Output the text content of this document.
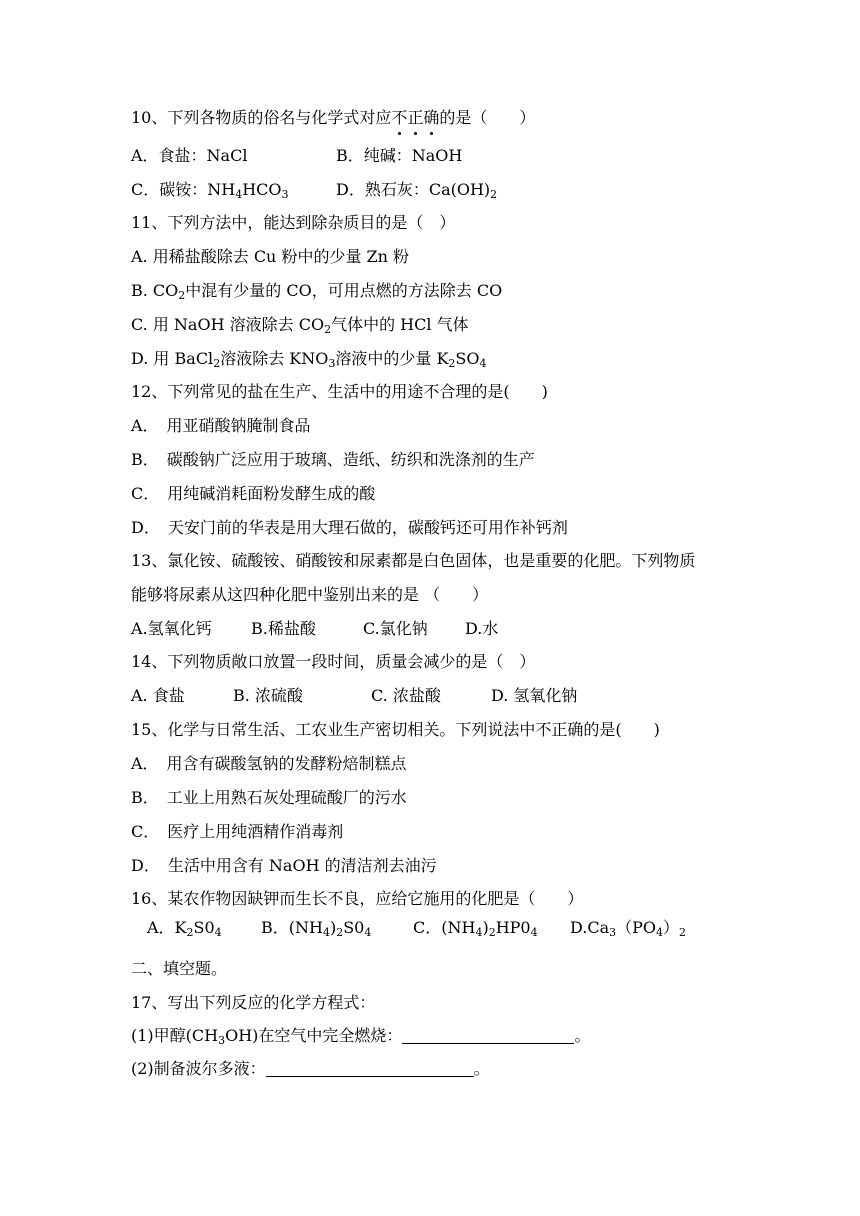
10、下列各物质的俗名与化学式对应不正确的是（　　）
A．食盐：NaCl	B．纯碱：NaOH
C．碳铵：$NH_4HCO_3$	D．熟石灰：$Ca(OH)_2$
11、下列方法中，能达到除杂质目的是（　）
A. 用稀盐酸除去 Cu 粉中的少量 Zn 粉
B. $CO_2$中混有少量的 CO，可用点燃的方法除去 CO
C. 用 NaOH 溶液除去 $CO_2$气体中的 HCl 气体
D. 用 BaCl$_2$溶液除去 $KNO_3$溶液中的少量 $K_2SO_4$
12、下列常见的盐在生产、生活中的用途不合理的是(　　)
A．　用亚硝酸钠腌制食品
B．　碳酸钠广泛应用于玻璃、造纸、纺织和洗涤剂的生产
C．　用纯碱消耗面粉发酵生成的酸
D．　天安门前的华表是用大理石做的，碳酸钙还可用作补钙剂
13、氯化铵、硫酸铵、硝酸铵和尿素都是白色固体，也是重要的化肥。下列物质
能够将尿素从这四种化肥中鉴别出来的是 （　　）
A.氢氧化钙 B.稀盐酸	C.氯化钠 D.水
14、下列物质敞口放置一段时间，质量会减少的是（　）
A. 食盐	B. 浓硫酸	C. 浓盐酸	D. 氢氧化钠
15、化学与日常生活、工农业生产密切相关。下列说法中不正确的是(　　)
A．　用含有碳酸氢钠的发酵粉焙制糕点
B．　工业上用熟石灰处理硫酸厂的污水
C．　医疗上用纯酒精作消毒剂
D．　生活中用含有 NaOH 的清洁剂去油污
16、某农作物因缺钾而生长不良，应给它施用的化肥是（　　）
A．$K_2S0_4$ B．$(NH_4)_2S0_4$	C．$(NH_4)_2HP0_4$ $D.Ca_3(PO_4)_2$
二、填空题。
17、写出下列反应的化学方程式：
(1)甲醇$(CH_3OH)$在空气中完全燃烧：	。
(2)制备波尔多液：	。
